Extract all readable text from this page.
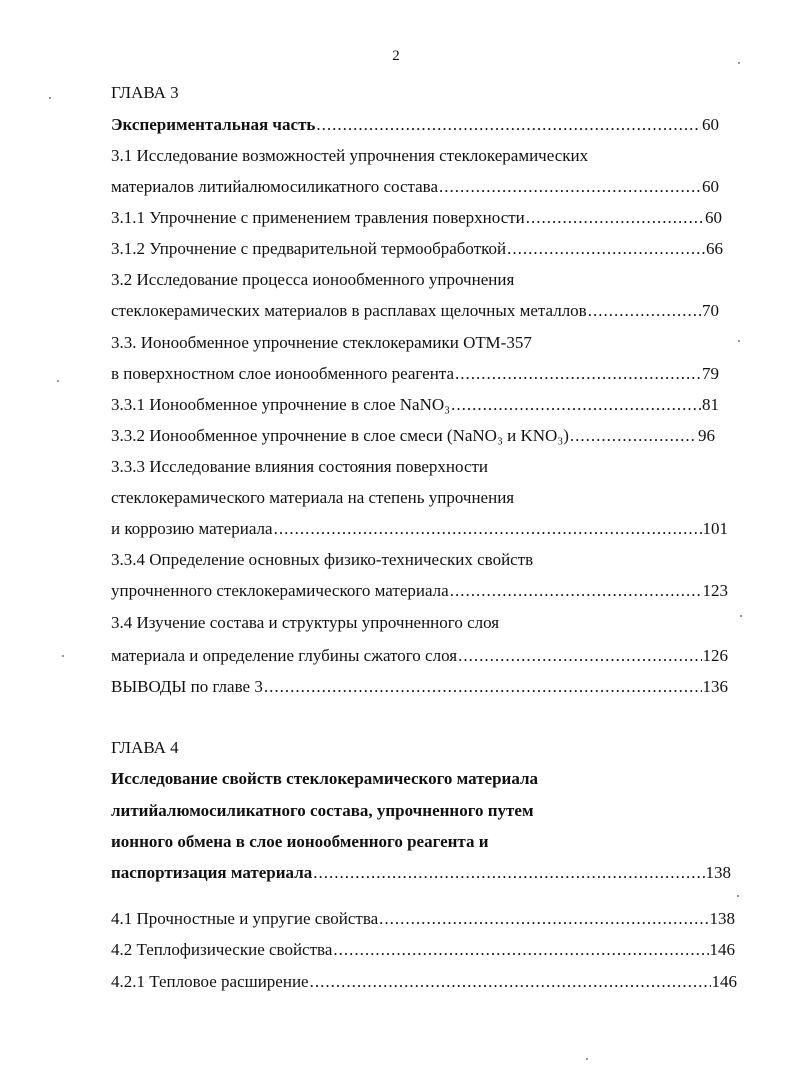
2
ГЛАВА 3
Экспериментальная часть .....	60
3.1 Исследование возможностей упрочнения стеклокерамических
материалов литийалюмосиликатного состава .....	60
3.1.1 Упрочнение с применением травления поверхности .....	60
3.1.2 Упрочнение с предварительной термообработкой .....	66
3.2 Исследование процесса ионообменного упрочнения
стеклокерамических материалов в расплавах щелочных металлов .....	70
3.3. Ионообменное упрочнение стеклокерамики ОТМ-357
в поверхностном слое ионообменного реагента .....	79
3.3.1 Ионообменное упрочнение в слое NaNO₃ .....	81
3.3.2 Ионообменное упрочнение в слое смеси (NaNO₃ и KNO₃) .....	96
3.3.3 Исследование влияния состояния поверхности
стеклокерамического материала на степень упрочнения
и коррозию материала .....	101
3.3.4 Определение основных физико-технических свойств
упрочненного стеклокерамического материала .....	123
3.4 Изучение состава и структуры упрочненного слоя
материала и определение глубины сжатого слоя .....	126
ВЫВОДЫ по главе 3 .....	136
ГЛАВА 4
Исследование свойств стеклокерамического материала
литийалюмосиликатного состава, упрочненного путем
ионного обмена в слое ионообменного реагента и
паспортизация материала .....	138
4.1 Прочностные и упругие свойства .....	138
4.2 Теплофизические свойства .....	146
4.2.1 Тепловое расширение .....	146
